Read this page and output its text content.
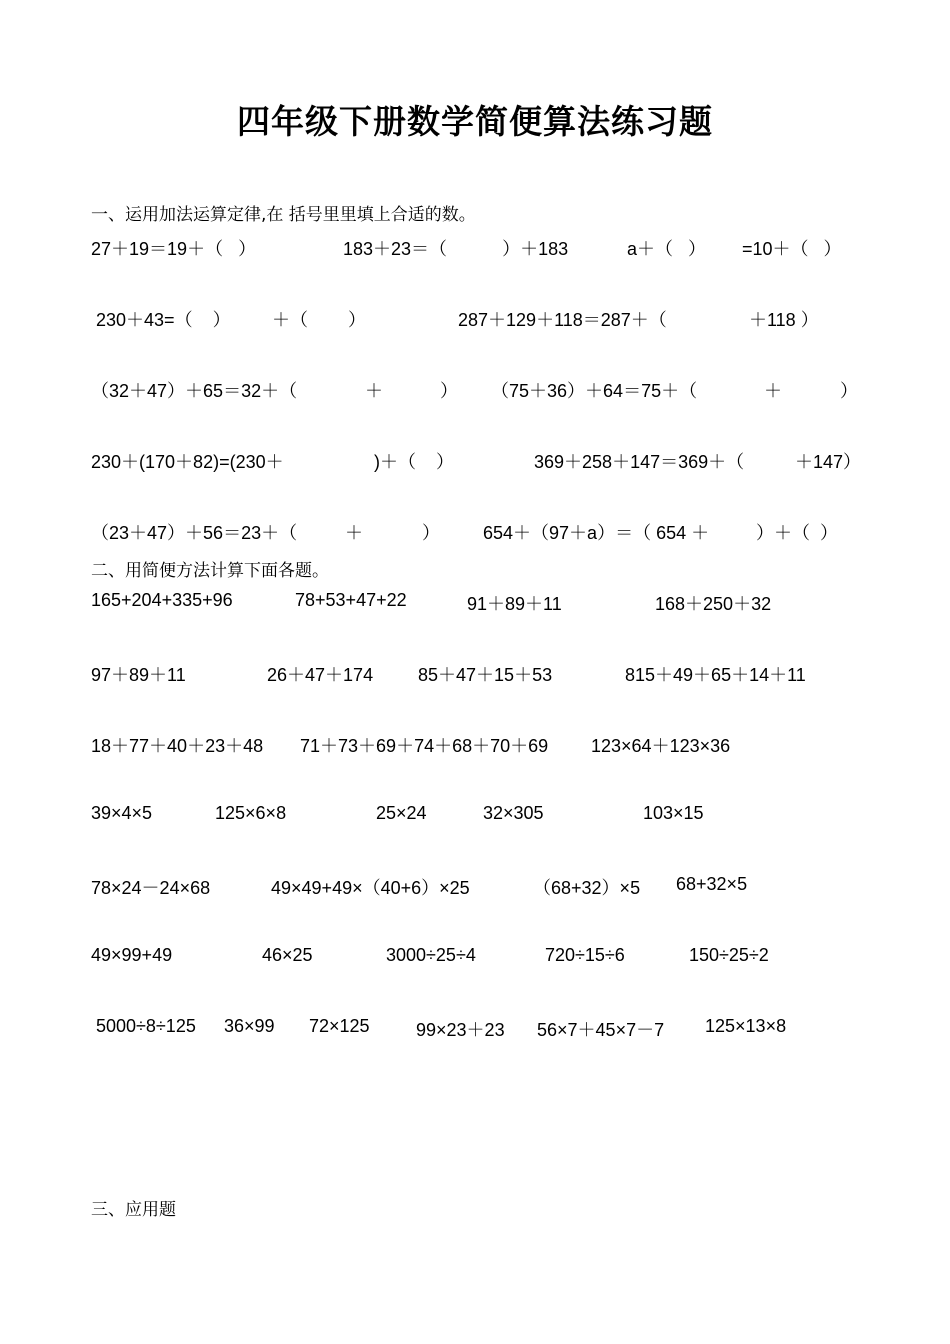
四年级下册数学简便算法练习题
一、运用加法运算定律,在 括号里里填上合适的数。
27＋19＝19＋（   ）	183＋23＝（           ）＋183	a＋（   ） =10＋（   ）
230＋43=（    ） ＋（        ）	287＋129＋118＝287＋（	＋118 ）
（32＋47）＋65＝32＋（	＋	） （75＋36）＋64＝75＋（	＋	）
230＋(170＋82)=(230＋	)＋（    ）	369＋258＋147＝369＋（	＋147）
（23＋47）＋56＝23＋（	＋	） 654＋（97＋a）＝（ 654 ＋	）＋（  ）
二、用简便方法计算下面各题。
165+204+335+96	78+53+47+22	91＋89＋11	168＋250＋32
97＋89＋11	26＋47＋174 85＋47＋15＋53	815＋49＋65＋14＋11
18＋77＋40＋23＋48 71＋73＋69＋74＋68＋70＋69 123×64＋123×36
39×4×5	125×6×8	25×24	32×305	103×15
78×24－24×68	49×49+49×（40+6）×25	（68+32）×5 68+32×5
49×99+49	46×25	3000÷25÷4	720÷15÷6	150÷25÷2
5000÷8÷125 36×99 72×125	99×23＋23 56×7＋45×7－7 125×13×8
三、应用题
